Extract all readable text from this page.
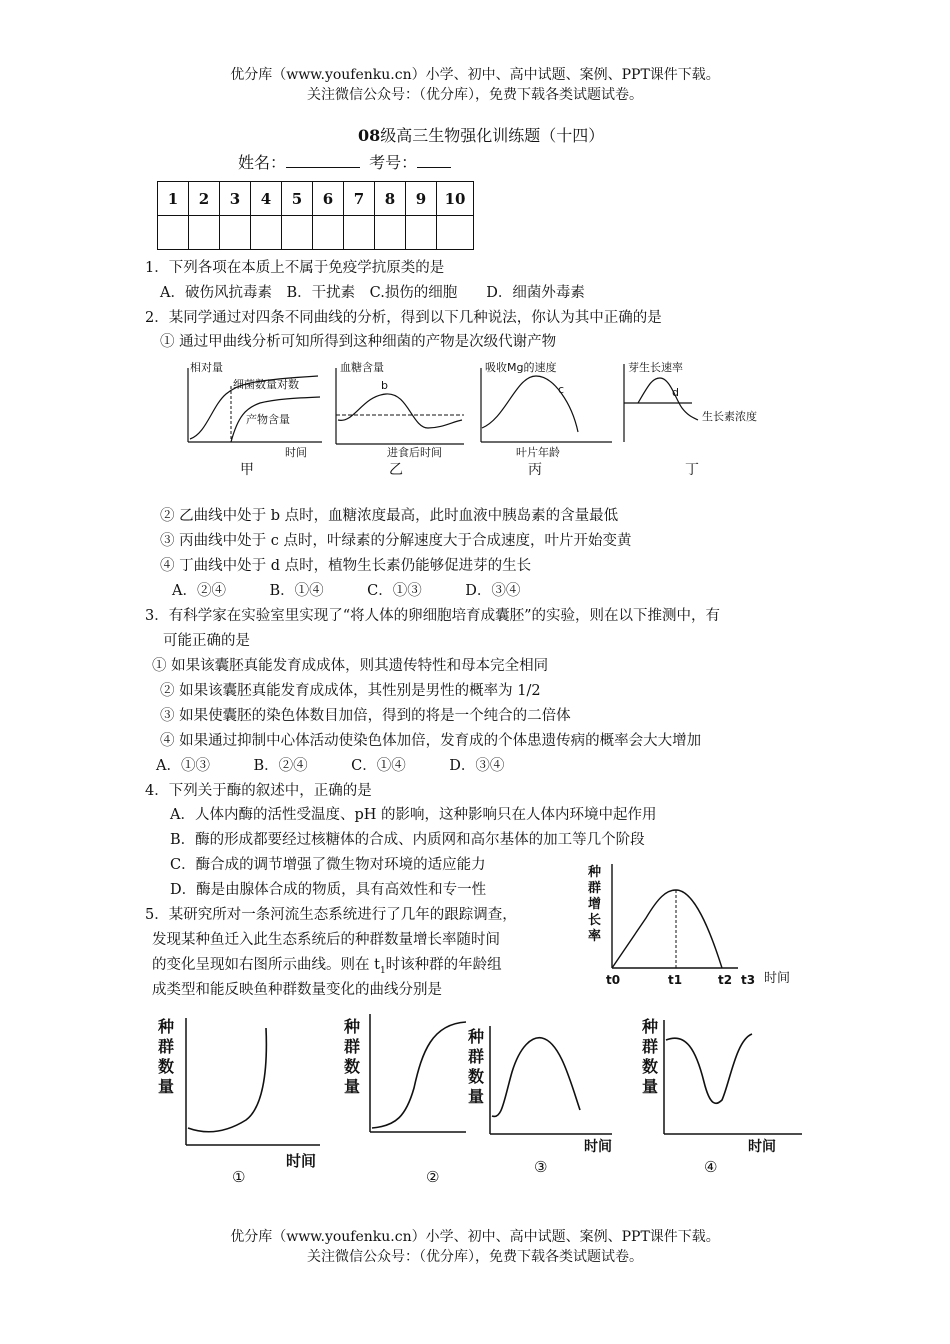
优分库（www.youfenku.cn）小学、初中、高中试题、案例、PPT课件下载。
关注微信公众号：（优分库），免费下载各类试题试卷。
08级高三生物强化训练题（十四）
姓名：	考号：
1	2	3	4	5	6	7	8	9	10

1．下列各项在本质上不属于免疫学抗原类的是
A．破伤风抗毒素　B．干扰素　C.损伤的细胞　　D．细菌外毒素
2．某同学通过对四条不同曲线的分析，得到以下几种说法，你认为其中正确的是
① 通过甲曲线分析可知所得到这种细菌的产物是次级代谢产物
相对量
细菌数量对数
产物含量
时间
甲
血糖含量
b
进食后时间
乙
吸收Mg的速度
c
叶片年龄
丙
芽生长速率
d
生长素浓度
丁
② 乙曲线中处于 b 点时，血糖浓度最高，此时血液中胰岛素的含量最低
③ 丙曲线中处于 c 点时，叶绿素的分解速度大于合成速度，叶片开始变黄
④ 丁曲线中处于 d 点时，植物生长素仍能够促进芽的生长
A．②④　　　B．①④　　　C．①③　　　D．③④
3．有科学家在实验室里实现了“将人体的卵细胞培育成囊胚”的实验，则在以下推测中，有
可能正确的是
① 如果该囊胚真能发育成成体，则其遗传特性和母本完全相同
② 如果该囊胚真能发育成成体，其性别是男性的概率为 1/2
③ 如果使囊胚的染色体数目加倍，得到的将是一个纯合的二倍体
④ 如果通过抑制中心体活动使染色体加倍，发育成的个体患遗传病的概率会大大增加
A．①③　　　B．②④　　　C．①④　　　D．③④
4．下列关于酶的叙述中，正确的是
A．人体内酶的活性受温度、pH 的影响，这种影响只在人体内环境中起作用
B．酶的形成都要经过核糖体的合成、内质网和高尔基体的加工等几个阶段
C．酶合成的调节增强了微生物对环境的适应能力
D．酶是由腺体合成的物质，具有高效性和专一性
5．某研究所对一条河流生态系统进行了几年的跟踪调查，
发现某种鱼迁入此生态系统后的种群数量增长率随时间
的变化呈现如右图所示曲线。则在 $t_1$时该种群的年龄组
成类型和能反映鱼种群数量变化的曲线分别是
种
群
增
长
率
t0	t1	t2 t3 时间
种
群
数
量
时间
①
种
群
数
量
②
种
群
数
量
时间
③
种
群
数
量
时间
④
优分库（www.youfenku.cn）小学、初中、高中试题、案例、PPT课件下载。
关注微信公众号：（优分库），免费下载各类试题试卷。
